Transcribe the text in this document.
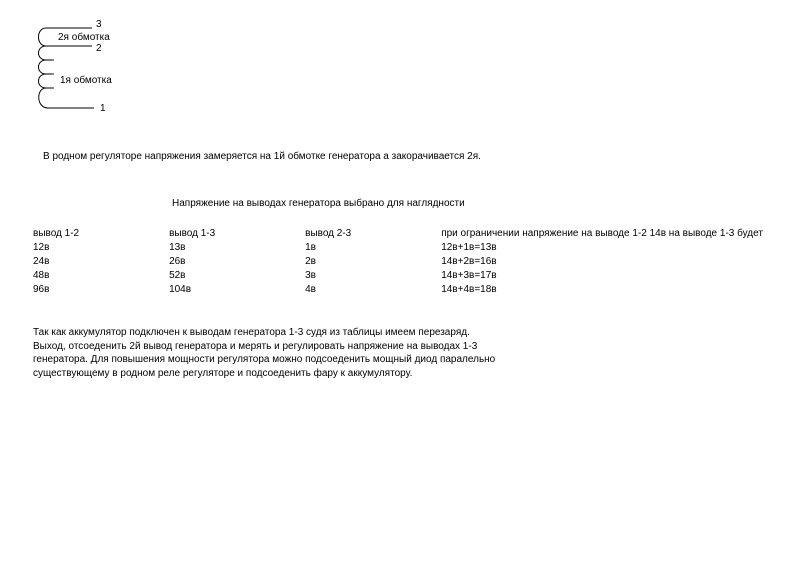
3
2я обмотка
2
1я обмотка
1
В родном регуляторе напряжения замеряется на 1й обмотке генератора а закорачивается 2я.
Напряжение на выводах генератора выбрано для наглядности
вывод 1-2	вывод 1-3	вывод 2-3	при ограничении напряжение на выводе 1-2 14в на выводе 1-3 будет
12в	13в	1в	12в+1в=13в
24в	26в	2в	14в+2в=16в
48в	52в	3в	14в+3в=17в
96в	104в	4в	14в+4в=18в
Так как аккумулятор подключен к выводам генератора 1-3 судя из таблицы имеем перезаряд.
Выход, отсоеденить 2й вывод генератора и мерять и регулировать напряжение на выводах 1-3
генератора. Для повышения мощности регулятора можно подсоеденить мощный диод паралельно
существующему в родном реле регуляторе и подсоеденить фару к аккумулятору.
